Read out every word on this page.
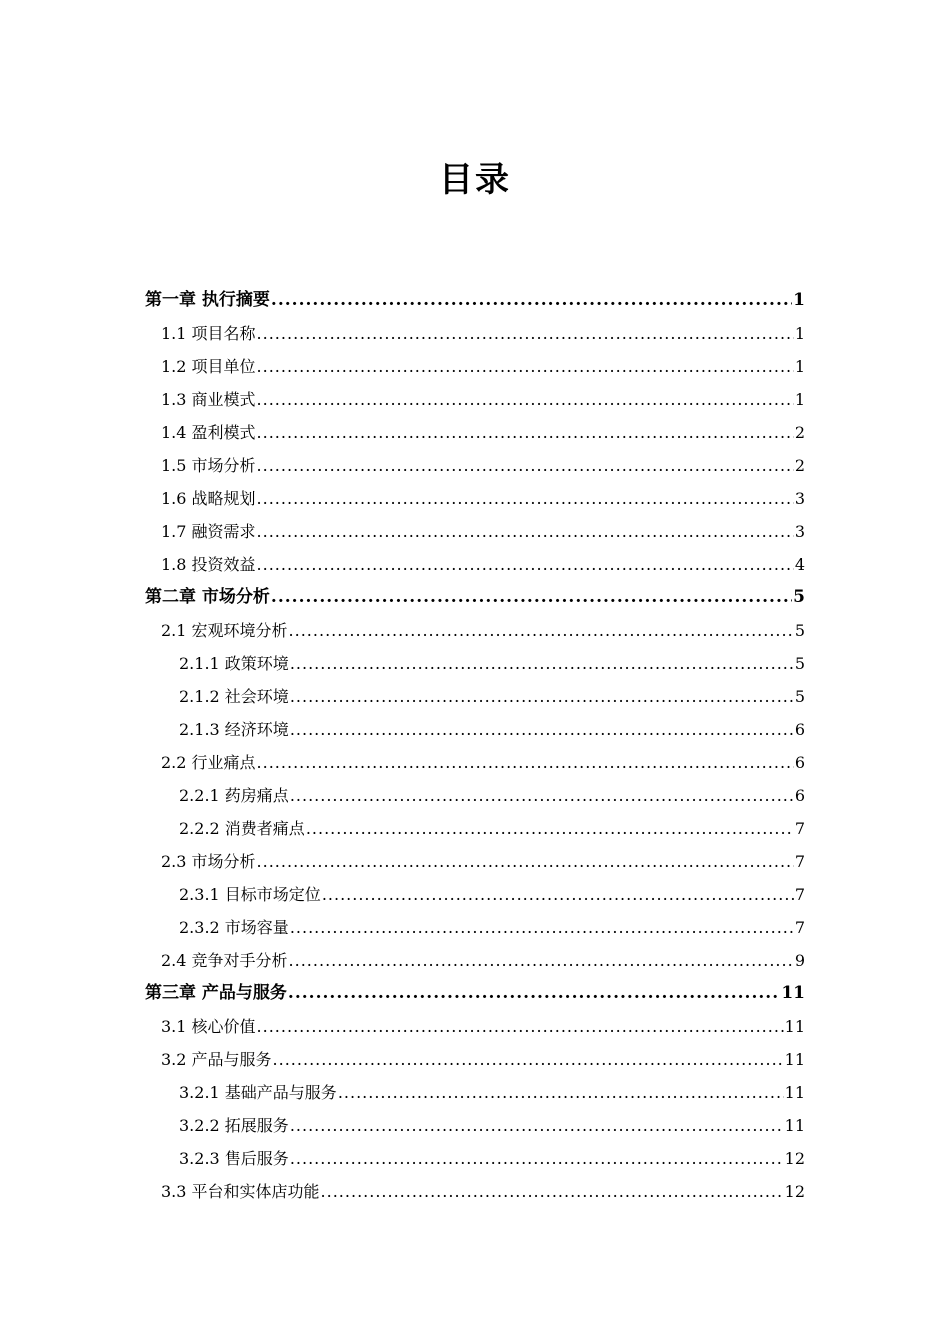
目录
第一章 执行摘要 .....	1
1.1 项目名称 .....	1
1.2 项目单位 .....	1
1.3 商业模式 .....	1
1.4 盈利模式 .....	2
1.5 市场分析 .....	2
1.6 战略规划 .....	3
1.7 融资需求 .....	3
1.8 投资效益 .....	4
第二章 市场分析 .....	5
2.1 宏观环境分析 .....	5
2.1.1 政策环境 .....	5
2.1.2 社会环境 .....	5
2.1.3 经济环境 .....	6
2.2 行业痛点 .....	6
2.2.1 药房痛点 .....	6
2.2.2 消费者痛点 .....	7
2.3 市场分析 .....	7
2.3.1 目标市场定位 .....	7
2.3.2 市场容量 .....	7
2.4 竞争对手分析 .....	9
第三章 产品与服务 .....	11
3.1 核心价值 .....	11
3.2 产品与服务 .....	11
3.2.1 基础产品与服务 .....	11
3.2.2 拓展服务 .....	11
3.2.3 售后服务 .....	12
3.3 平台和实体店功能 .....	12
